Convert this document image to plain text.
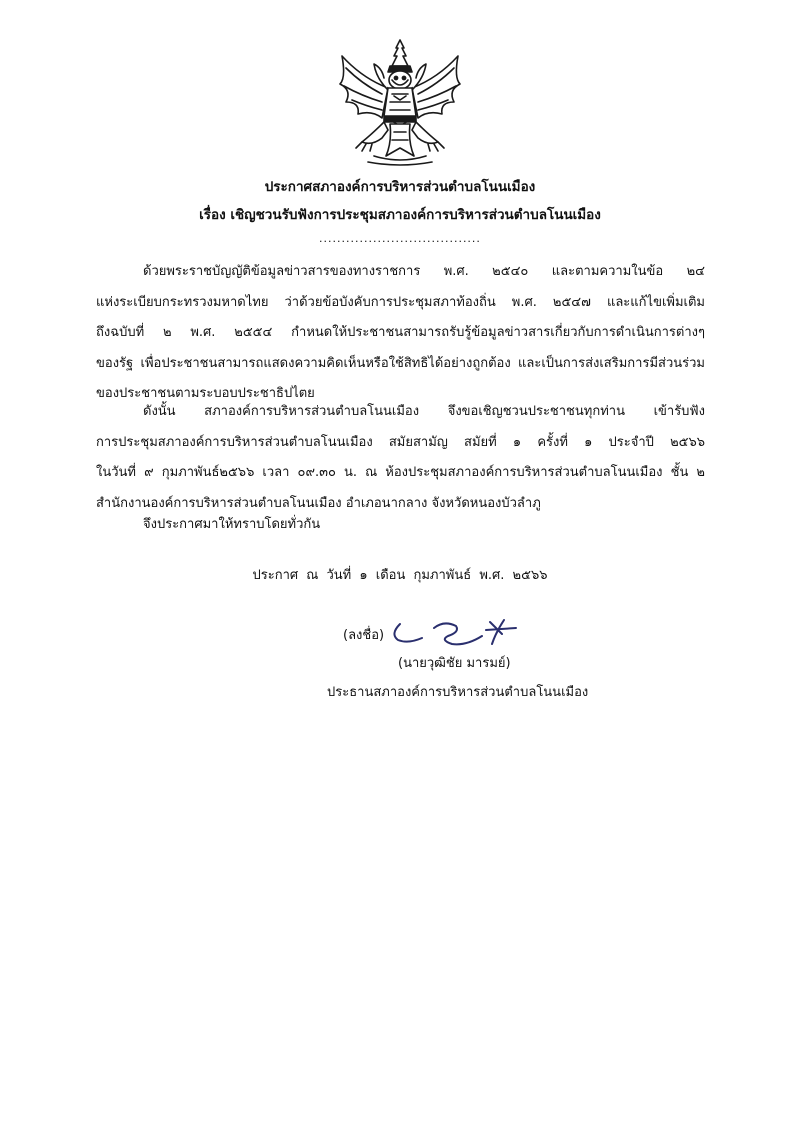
ประกาศสภาองค์การบริหารส่วนตำบลโนนเมือง
เรื่อง เชิญชวนรับฟังการประชุมสภาองค์การบริหารส่วนตำบลโนนเมือง
....................................
ด้วยพระราชบัญญัติข้อมูลข่าวสารของทางราชการ พ.ศ. ๒๕๔๐ และตามความในข้อ ๒๔
แห่งระเบียบกระทรวงมหาดไทย ว่าด้วยข้อบังคับการประชุมสภาท้องถิ่น พ.ศ. ๒๕๔๗ และแก้ไขเพิ่มเติม
ถึงฉบับที่ ๒ พ.ศ. ๒๕๕๔ กำหนดให้ประชาชนสามารถรับรู้ข้อมูลข่าวสารเกี่ยวกับการดำเนินการต่างๆ
ของรัฐ เพื่อประชาชนสามารถแสดงความคิดเห็นหรือใช้สิทธิได้อย่างถูกต้อง และเป็นการส่งเสริมการมีส่วนร่วม
ของประชาชนตามระบอบประชาธิปไตย
ดังนั้น สภาองค์การบริหารส่วนตำบลโนนเมือง จึงขอเชิญชวนประชาชนทุกท่าน เข้ารับฟัง
การประชุมสภาองค์การบริหารส่วนตำบลโนนเมือง สมัยสามัญ สมัยที่ ๑ ครั้งที่ ๑ ประจำปี ๒๕๖๖
ในวันที่ ๙ กุมภาพันธ์๒๕๖๖ เวลา ๐๙.๓๐ น. ณ ห้องประชุมสภาองค์การบริหารส่วนตำบลโนนเมือง ชั้น ๒
สำนักงานองค์การบริหารส่วนตำบลโนนเมือง อำเภอนากลาง จังหวัดหนองบัวลำภู
จึงประกาศมาให้ทราบโดยทั่วกัน
ประกาศ ณ วันที่ ๑ เดือน กุมภาพันธ์ พ.ศ. ๒๕๖๖
(ลงชื่อ)
(นายวุฒิชัย มารมย์)
ประธานสภาองค์การบริหารส่วนตำบลโนนเมือง
